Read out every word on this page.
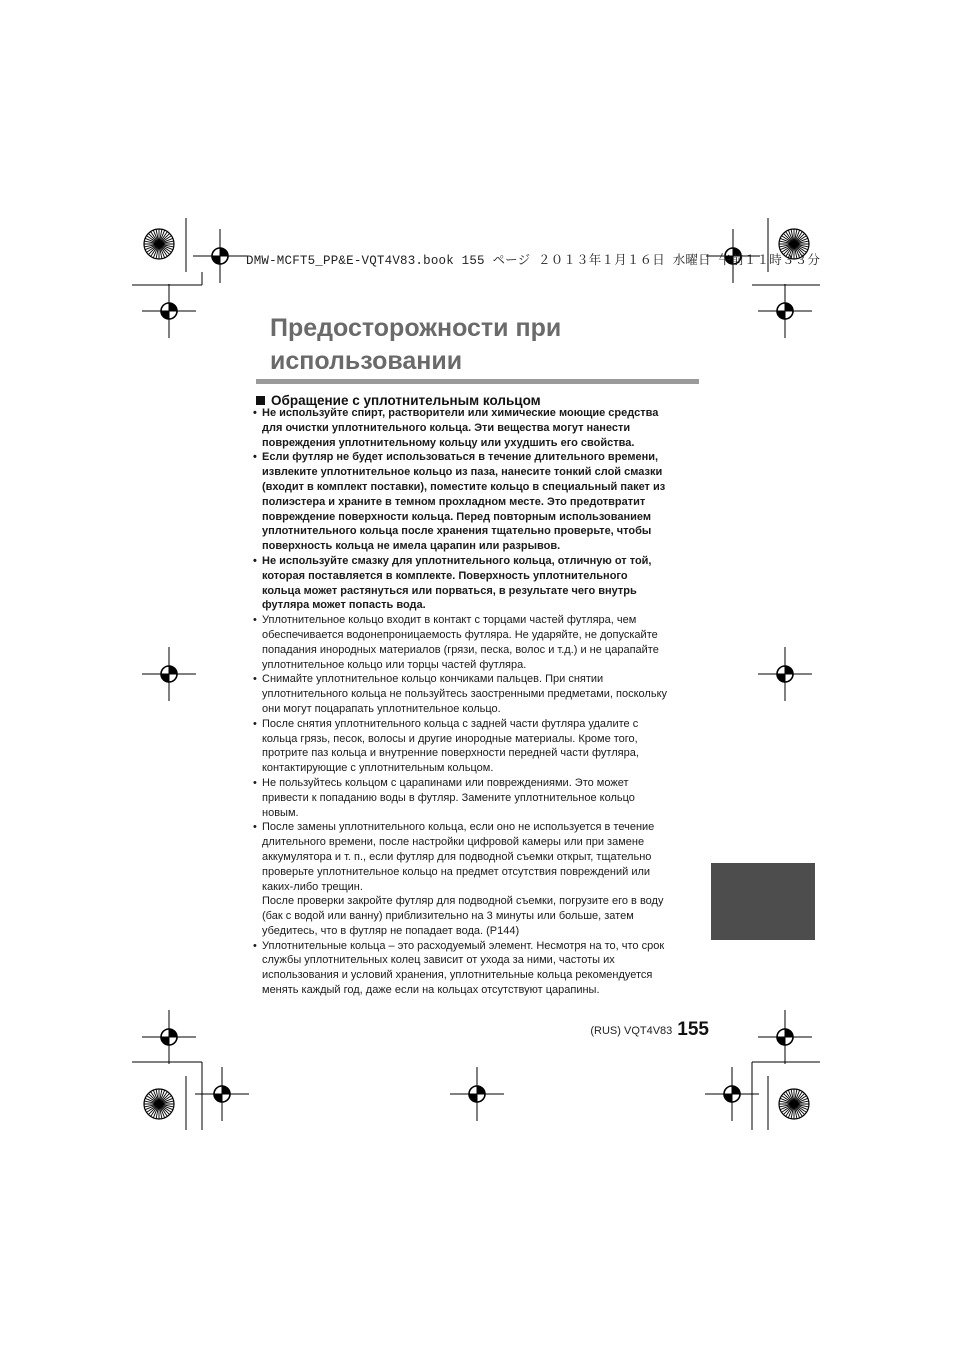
DMW-MCFT5_PP&E-VQT4V83.book 155 ページ ２０１３年１月１６日 水曜日 午前１１時３３分
Предосторожности при
использовании
Обращение с уплотнительным кольцом
• Не используйте спирт, растворители или химические моющие средства

для очистки уплотнительного кольца. Эти вещества могут нанести

повреждения уплотнительному кольцу или ухудшить его свойства.

• Если футляр не будет использоваться в течение длительного времени,

извлеките уплотнительное кольцо из паза, нанесите тонкий слой смазки

(входит в комплект поставки), поместите кольцо в специальный пакет из

полиэстера и храните в темном прохладном месте. Это предотвратит

повреждение поверхности кольца. Перед повторным использованием

уплотнительного кольца после хранения тщательно проверьте, чтобы

поверхность кольца не имела царапин или разрывов.

• Не используйте смазку для уплотнительного кольца, отличную от той,

которая поставляется в комплекте. Поверхность уплотнительного

кольца может растянуться или порваться, в результате чего внутрь

футляра может попасть вода.

• Уплотнительное кольцо входит в контакт с торцами частей футляра, чем

обеспечивается водонепроницаемость футляра. Не ударяйте, не допускайте

попадания инородных материалов (грязи, песка, волос и т.д.) и не царапайте

уплотнительное кольцо или торцы частей футляра.

• Снимайте уплотнительное кольцо кончиками пальцев. При снятии

уплотнительного кольца не пользуйтесь заостренными предметами, поскольку

они могут поцарапать уплотнительное кольцо.

• После снятия уплотнительного кольца с задней части футляра удалите с

кольца грязь, песок, волосы и другие инородные материалы. Кроме того,

протрите паз кольца и внутренние поверхности передней части футляра,

контактирующие с уплотнительным кольцом.

• Не пользуйтесь кольцом с царапинами или повреждениями. Это может

привести к попаданию воды в футляр. Замените уплотнительное кольцо

новым.

• После замены уплотнительного кольца, если оно не используется в течение

длительного времени, после настройки цифровой камеры или при замене

аккумулятора и т. п., если футляр для подводной съемки открыт, тщательно

проверьте уплотнительное кольцо на предмет отсутствия повреждений или

каких-либо трещин.

После проверки закройте футляр для подводной съемки, погрузите его в воду

(бак с водой или ванну) приблизительно на 3 минуты или больше, затем

убедитесь, что в футляр не попадает вода. (P144)

• Уплотнительные кольца – это расходуемый элемент. Несмотря на то, что срок

службы уплотнительных колец зависит от ухода за ними, частоты их

использования и условий хранения, уплотнительные кольца рекомендуется

менять каждый год, даже если на кольцах отсутствуют царапины.

(RUS) VQT4V83 155
